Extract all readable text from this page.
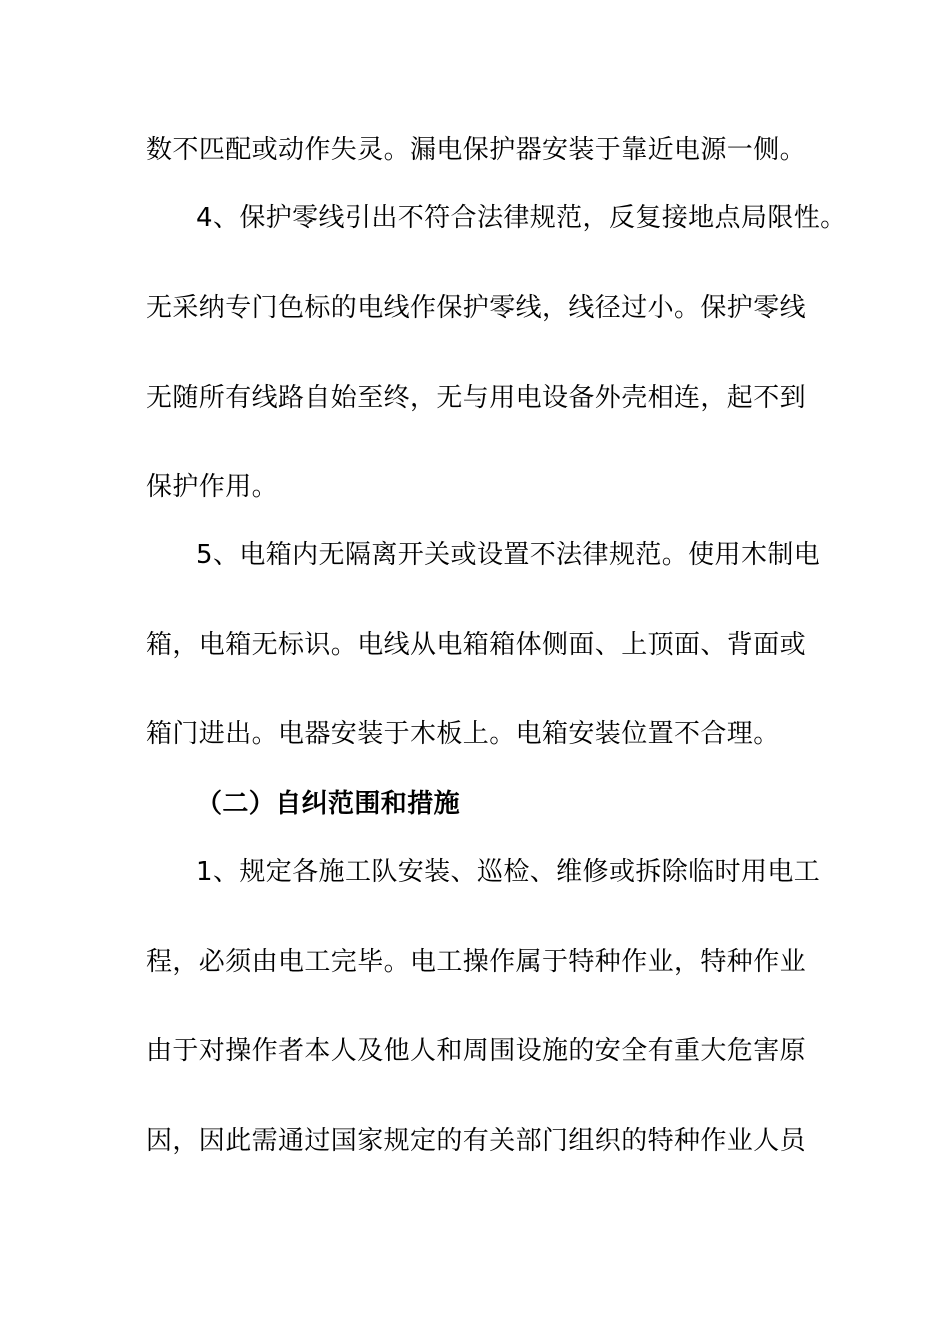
数不匹配或动作失灵。漏电保护器安装于靠近电源一侧。
4、保护零线引出不符合法律规范，反复接地点局限性。
无采纳专门色标的电线作保护零线，线径过小。保护零线
无随所有线路自始至终，无与用电设备外壳相连，起不到
保护作用。
5、电箱内无隔离开关或设置不法律规范。使用木制电
箱，电箱无标识。电线从电箱箱体侧面、上顶面、背面或
箱门进出。电器安装于木板上。电箱安装位置不合理。
（二）自纠范围和措施
1、规定各施工队安装、巡检、维修或拆除临时用电工
程，必须由电工完毕。电工操作属于特种作业，特种作业
由于对操作者本人及他人和周围设施的安全有重大危害原
因，因此需通过国家规定的有关部门组织的特种作业人员
